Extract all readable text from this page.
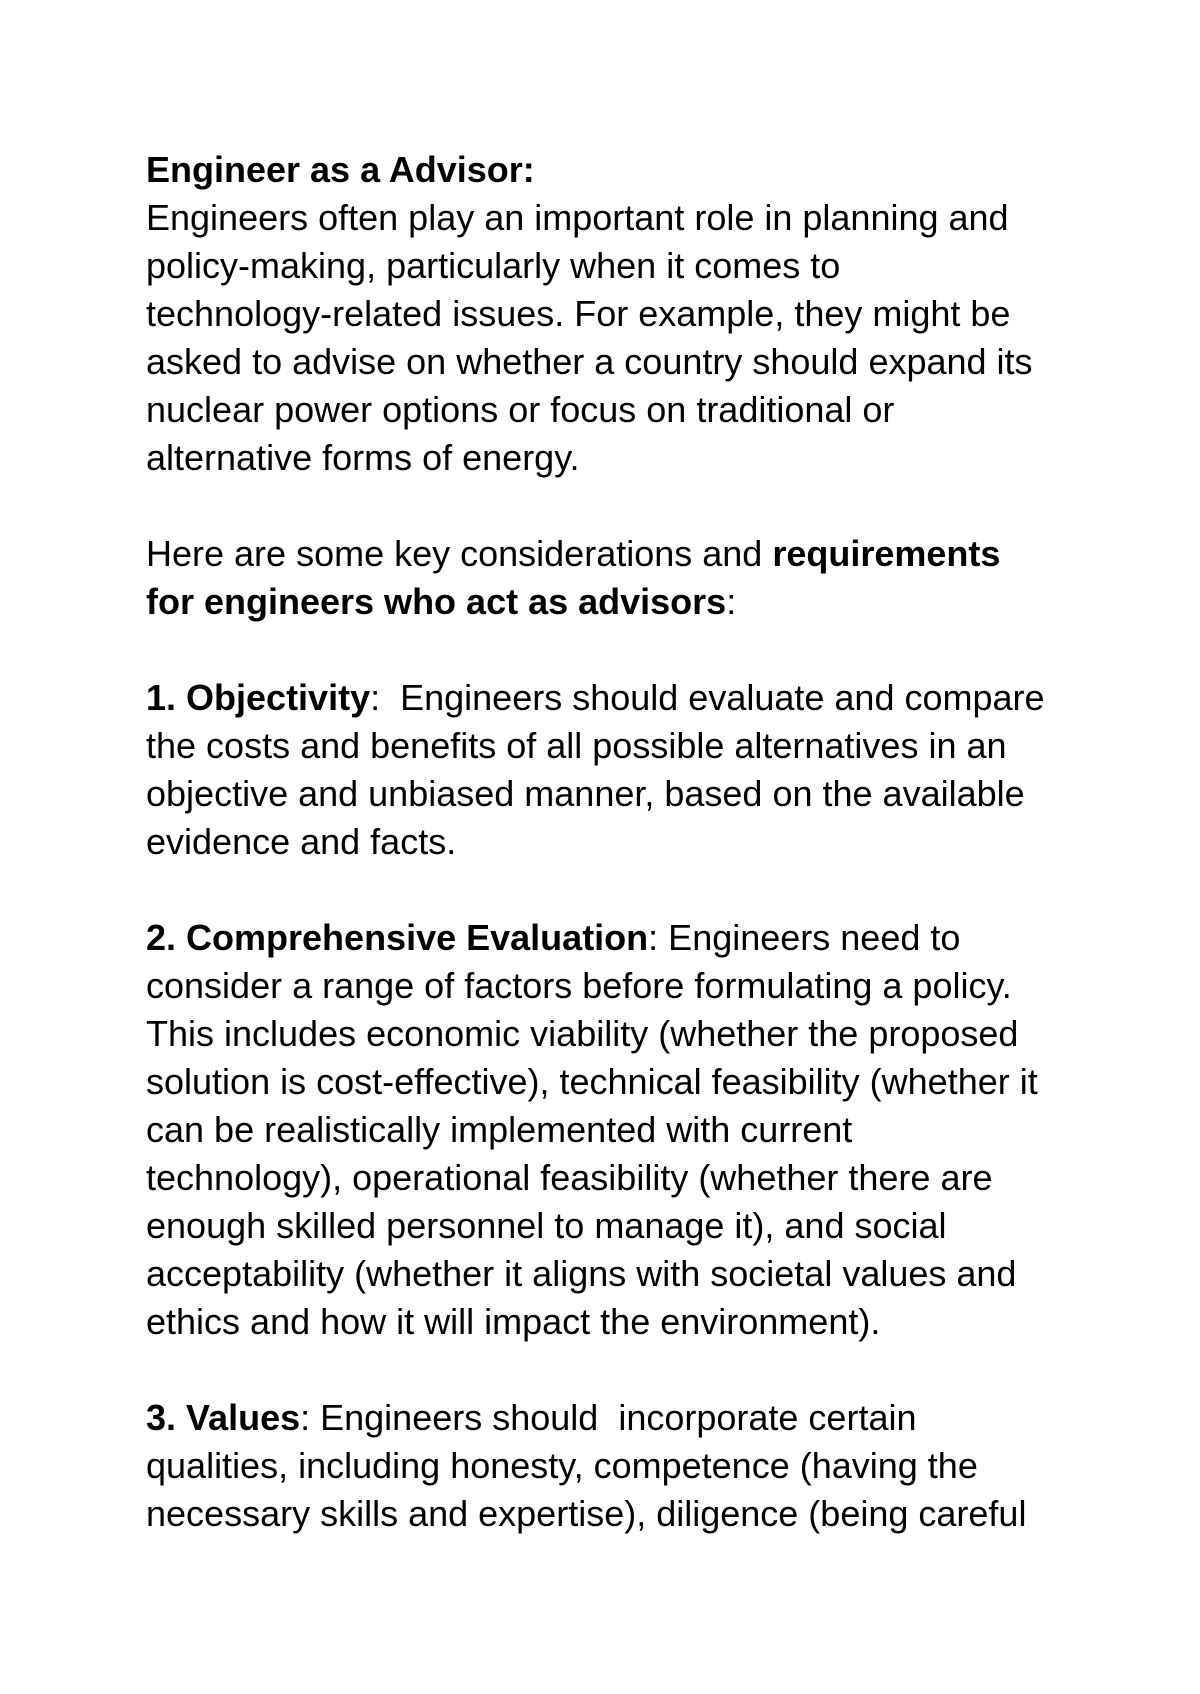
Engineer as a Advisor:

Engineers often play an important role in planning and
policy-making, particularly when it comes to
technology-related issues. For example, they might be
asked to advise on whether a country should expand its
nuclear power options or focus on traditional or
alternative forms of energy.

Here are some key considerations and requirements
for engineers who act as advisors:

1. Objectivity:  Engineers should evaluate and compare
the costs and benefits of all possible alternatives in an
objective and unbiased manner, based on the available
evidence and facts.

2. Comprehensive Evaluation: Engineers need to
consider a range of factors before formulating a policy.
This includes economic viability (whether the proposed
solution is cost-effective), technical feasibility (whether it
can be realistically implemented with current
technology), operational feasibility (whether there are
enough skilled personnel to manage it), and social
acceptability (whether it aligns with societal values and
ethics and how it will impact the environment).

3. Values: Engineers should  incorporate certain
qualities, including honesty, competence (having the
necessary skills and expertise), diligence (being careful
